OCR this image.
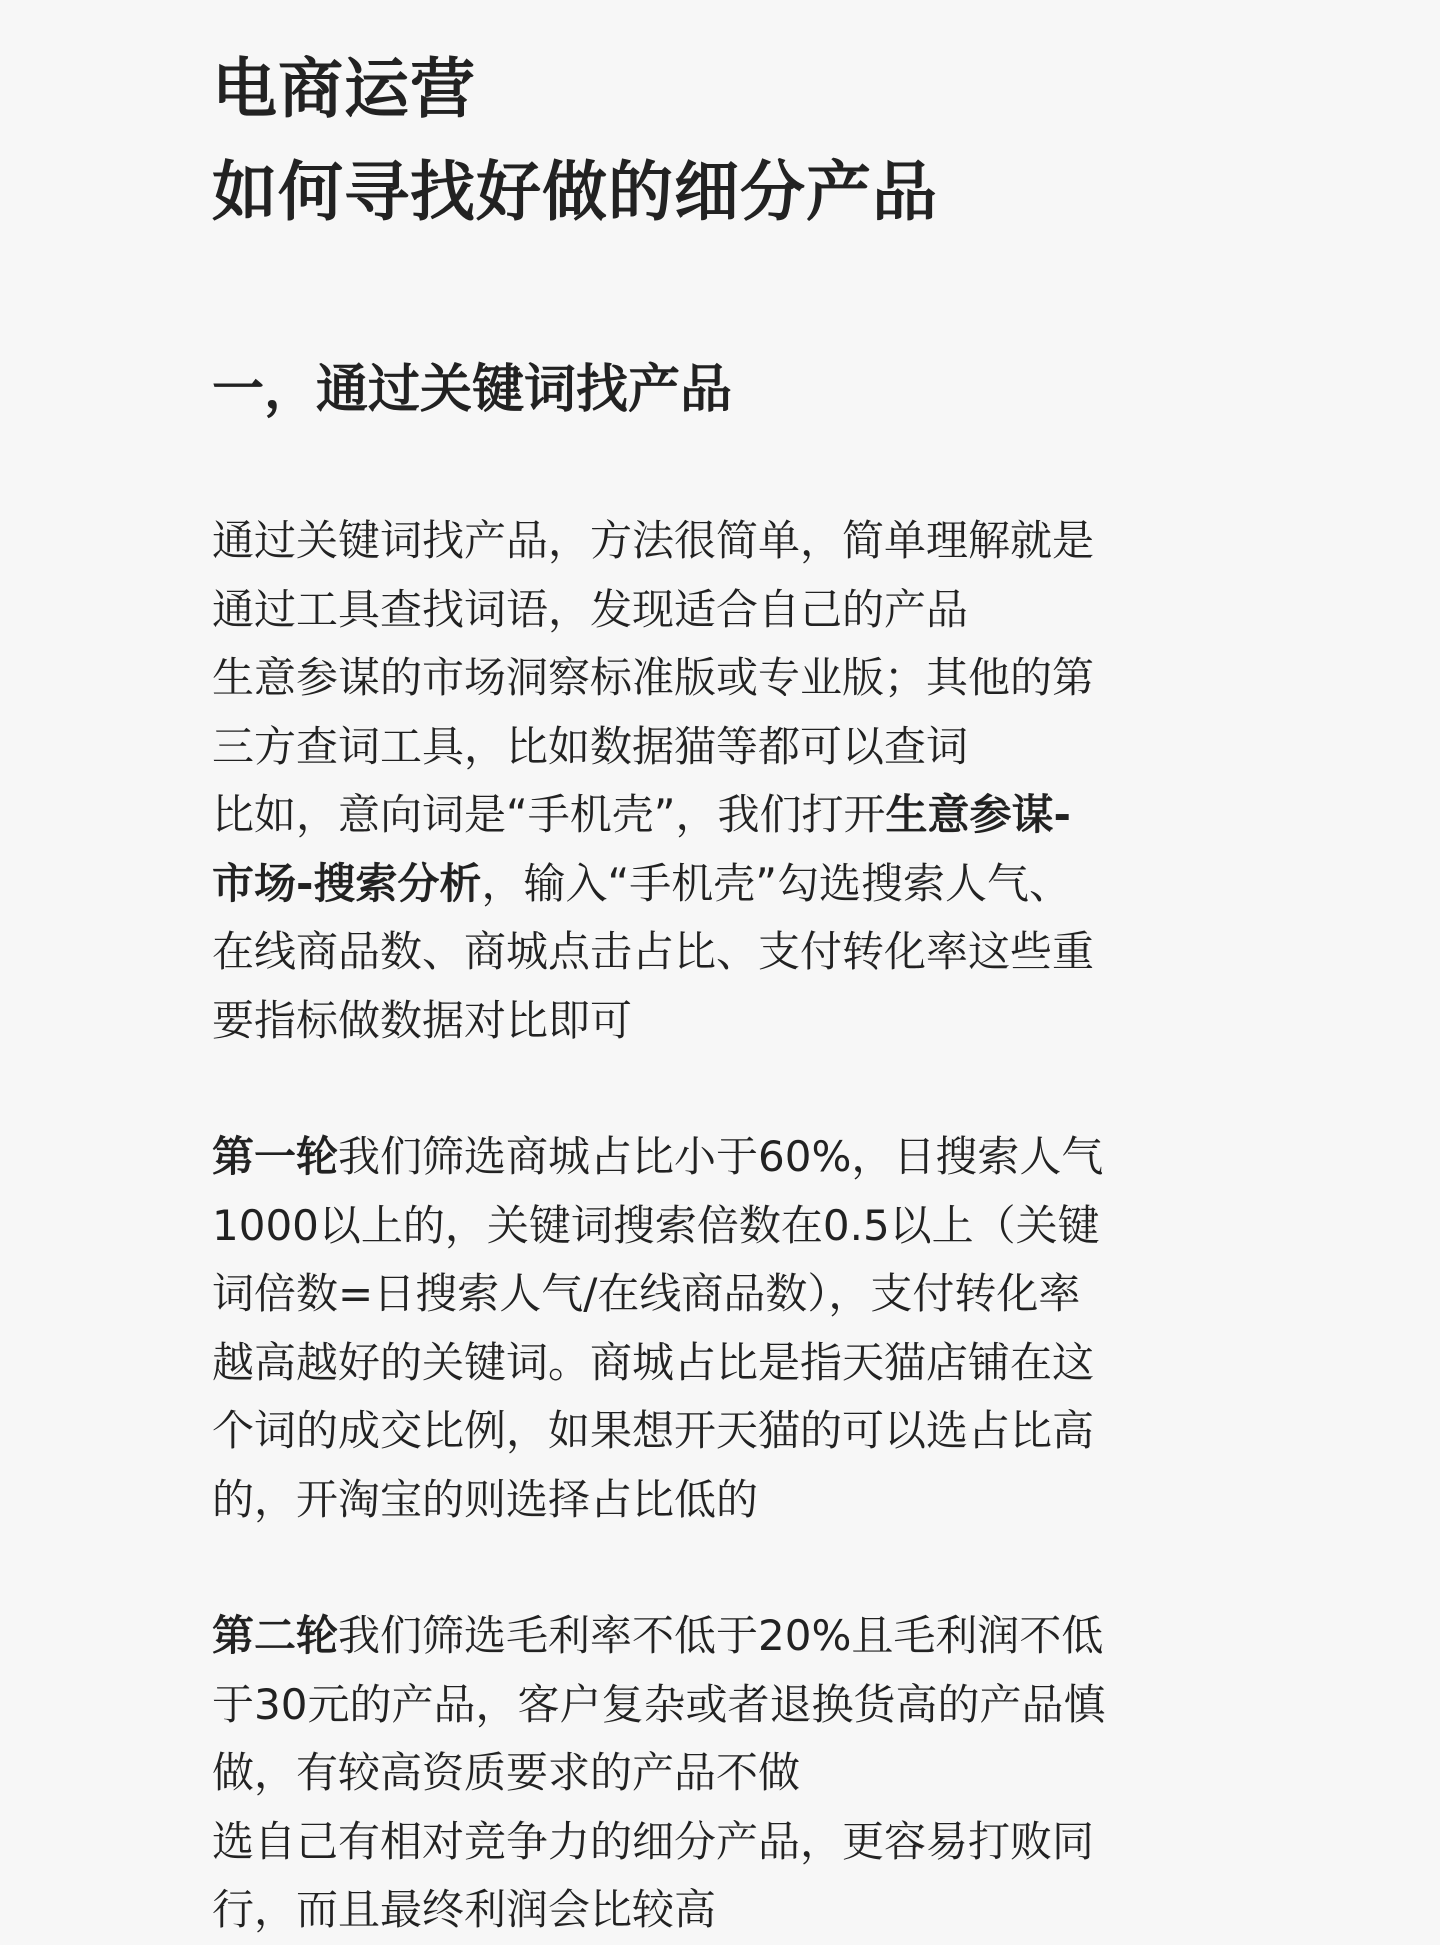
电商运营
如何寻找好做的细分产品
一，通过关键词找产品

通过关键词找产品，方法很简单，简单理解就是
通过工具查找词语，发现适合自己的产品
生意参谋的市场洞察标准版或专业版；其他的第
三方查词工具，比如数据猫等都可以查词
比如，意向词是“手机壳”，我们打开生意参谋-
市场-搜索分析，输入“手机壳”勾选搜索人气、
在线商品数、商城点击占比、支付转化率这些重
要指标做数据对比即可

第一轮我们筛选商城占比小于60%，日搜索人气
1000以上的，关键词搜索倍数在0.5以上（关键
词倍数=日搜索人气/在线商品数），支付转化率
越高越好的关键词。商城占比是指天猫店铺在这
个词的成交比例，如果想开天猫的可以选占比高
的，开淘宝的则选择占比低的

第二轮我们筛选毛利率不低于20%且毛利润不低
于30元的产品，客户复杂或者退换货高的产品慎
做，有较高资质要求的产品不做
选自己有相对竞争力的细分产品，更容易打败同
行，而且最终利润会比较高
